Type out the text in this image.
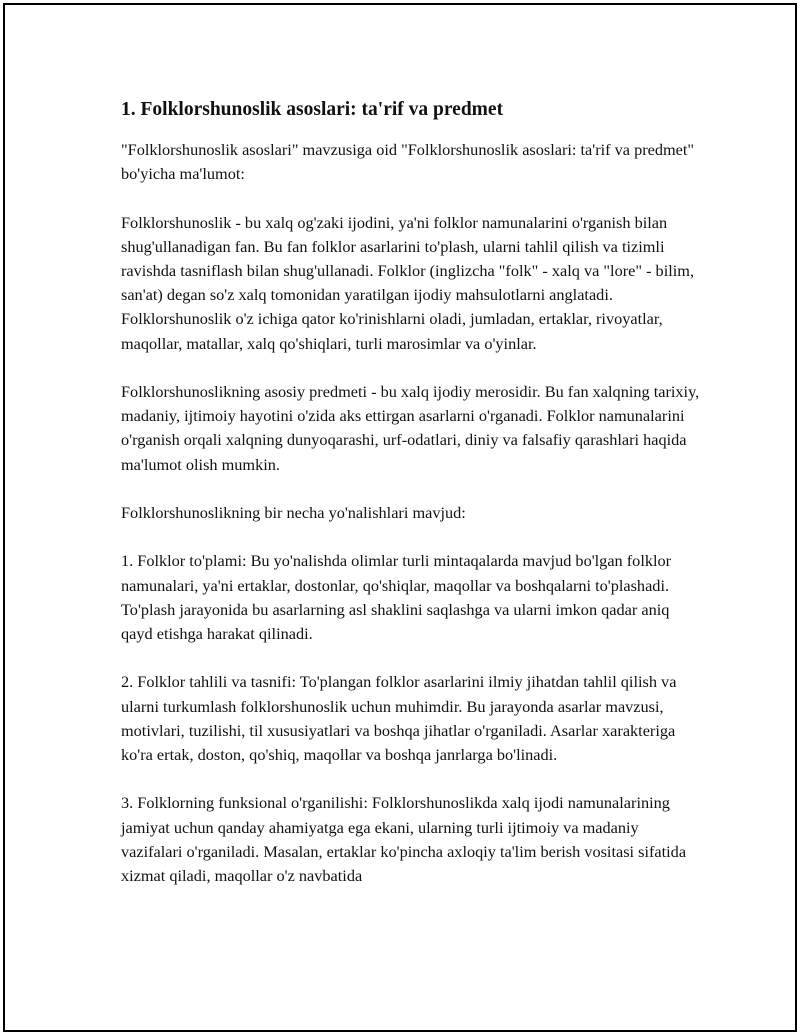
1. Folklorshunoslik asoslari: ta'rif va predmet

"Folklorshunoslik asoslari" mavzusiga oid "Folklorshunoslik asoslari: ta'rif va predmet" bo'yicha ma'lumot:

Folklorshunoslik - bu xalq og'zaki ijodini, ya'ni folklor namunalarini o'rganish bilan shug'ullanadigan fan. Bu fan folklor asarlarini to'plash, ularni tahlil qilish va tizimli ravishda tasniflash bilan shug'ullanadi. Folklor (inglizcha "folk" - xalq va "lore" - bilim, san'at) degan so'z xalq tomonidan yaratilgan ijodiy mahsulotlarni anglatadi. Folklorshunoslik o'z ichiga qator ko'rinishlarni oladi, jumladan, ertaklar, rivoyatlar, maqollar, matallar, xalq qo'shiqlari, turli marosimlar va o'yinlar.

Folklorshunoslikning asosiy predmeti - bu xalq ijodiy merosidir. Bu fan xalqning tarixiy, madaniy, ijtimoiy hayotini o'zida aks ettirgan asarlarni o'rganadi. Folklor namunalarini o'rganish orqali xalqning dunyoqarashi, urf-odatlari, diniy va falsafiy qarashlari haqida ma'lumot olish mumkin.

Folklorshunoslikning bir necha yo'nalishlari mavjud:

1. Folklor to'plami: Bu yo'nalishda olimlar turli mintaqalarda mavjud bo'lgan folklor namunalari, ya'ni ertaklar, dostonlar, qo'shiqlar, maqollar va boshqalarni to'plashadi. To'plash jarayonida bu asarlarning asl shaklini saqlashga va ularni imkon qadar aniq qayd etishga harakat qilinadi.

2. Folklor tahlili va tasnifi: To'plangan folklor asarlarini ilmiy jihatdan tahlil qilish va ularni turkumlash folklorshunoslik uchun muhimdir. Bu jarayonda asarlar mavzusi, motivlari, tuzilishi, til xususiyatlari va boshqa jihatlar o'rganiladi. Asarlar xarakteriga ko'ra ertak, doston, qo'shiq, maqollar va boshqa janrlarga bo'linadi.

3. Folklorning funksional o'rganilishi: Folklorshunoslikda xalq ijodi namunalarining jamiyat uchun qanday ahamiyatga ega ekani, ularning turli ijtimoiy va madaniy vazifalari o'rganiladi. Masalan, ertaklar ko'pincha axloqiy ta'lim berish vositasi sifatida xizmat qiladi, maqollar o'z navbatida
